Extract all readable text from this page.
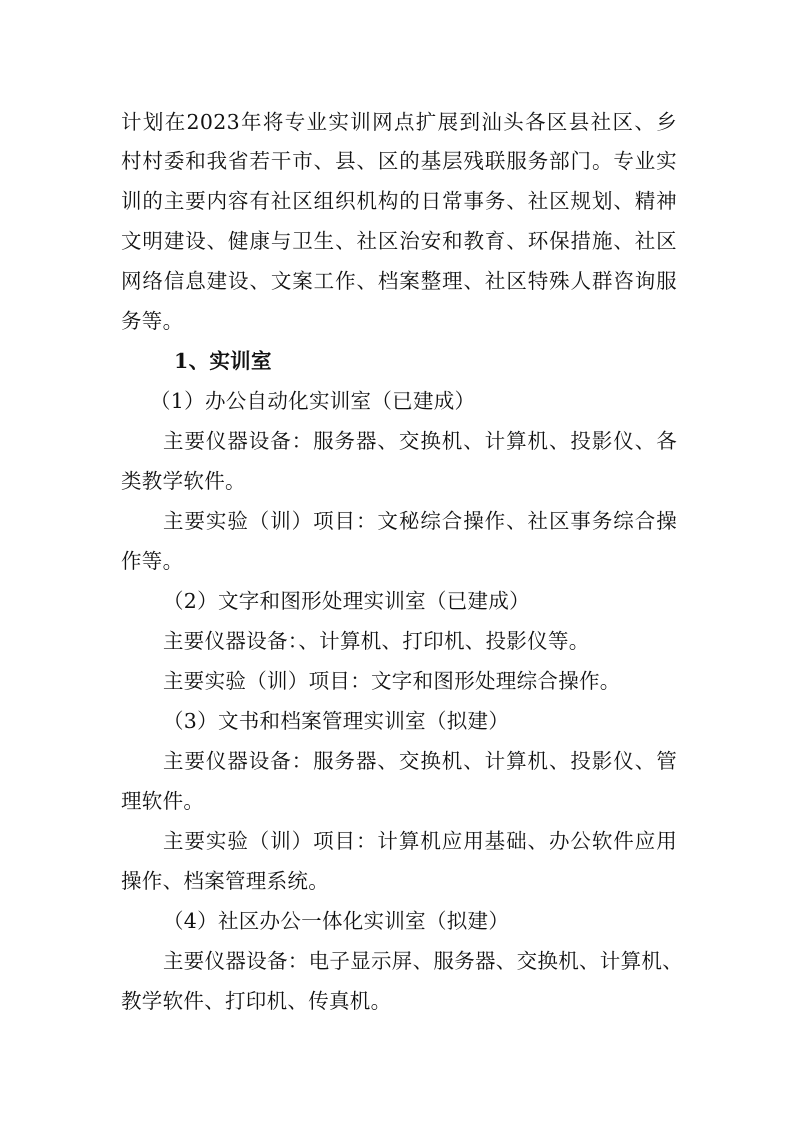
计划在2023年将专业实训网点扩展到汕头各区县社区、乡
村村委和我省若干市、县、区的基层残联服务部门。专业实
训的主要内容有社区组织机构的日常事务、社区规划、精神
文明建设、健康与卫生、社区治安和教育、环保措施、社区
网络信息建设、文案工作、档案整理、社区特殊人群咨询服
务等。
1、实训室
（1）办公自动化实训室（已建成）
主要仪器设备：服务器、交换机、计算机、投影仪、各
类教学软件。
主要实验（训）项目：文秘综合操作、社区事务综合操
作等。
（2）文字和图形处理实训室（已建成）
主要仪器设备：、计算机、打印机、投影仪等。
主要实验（训）项目：文字和图形处理综合操作。
（3）文书和档案管理实训室（拟建）
主要仪器设备：服务器、交换机、计算机、投影仪、管
理软件。
主要实验（训）项目：计算机应用基础、办公软件应用
操作、档案管理系统。
（4）社区办公一体化实训室（拟建）
主要仪器设备：电子显示屏、服务器、交换机、计算机、
教学软件、打印机、传真机。
